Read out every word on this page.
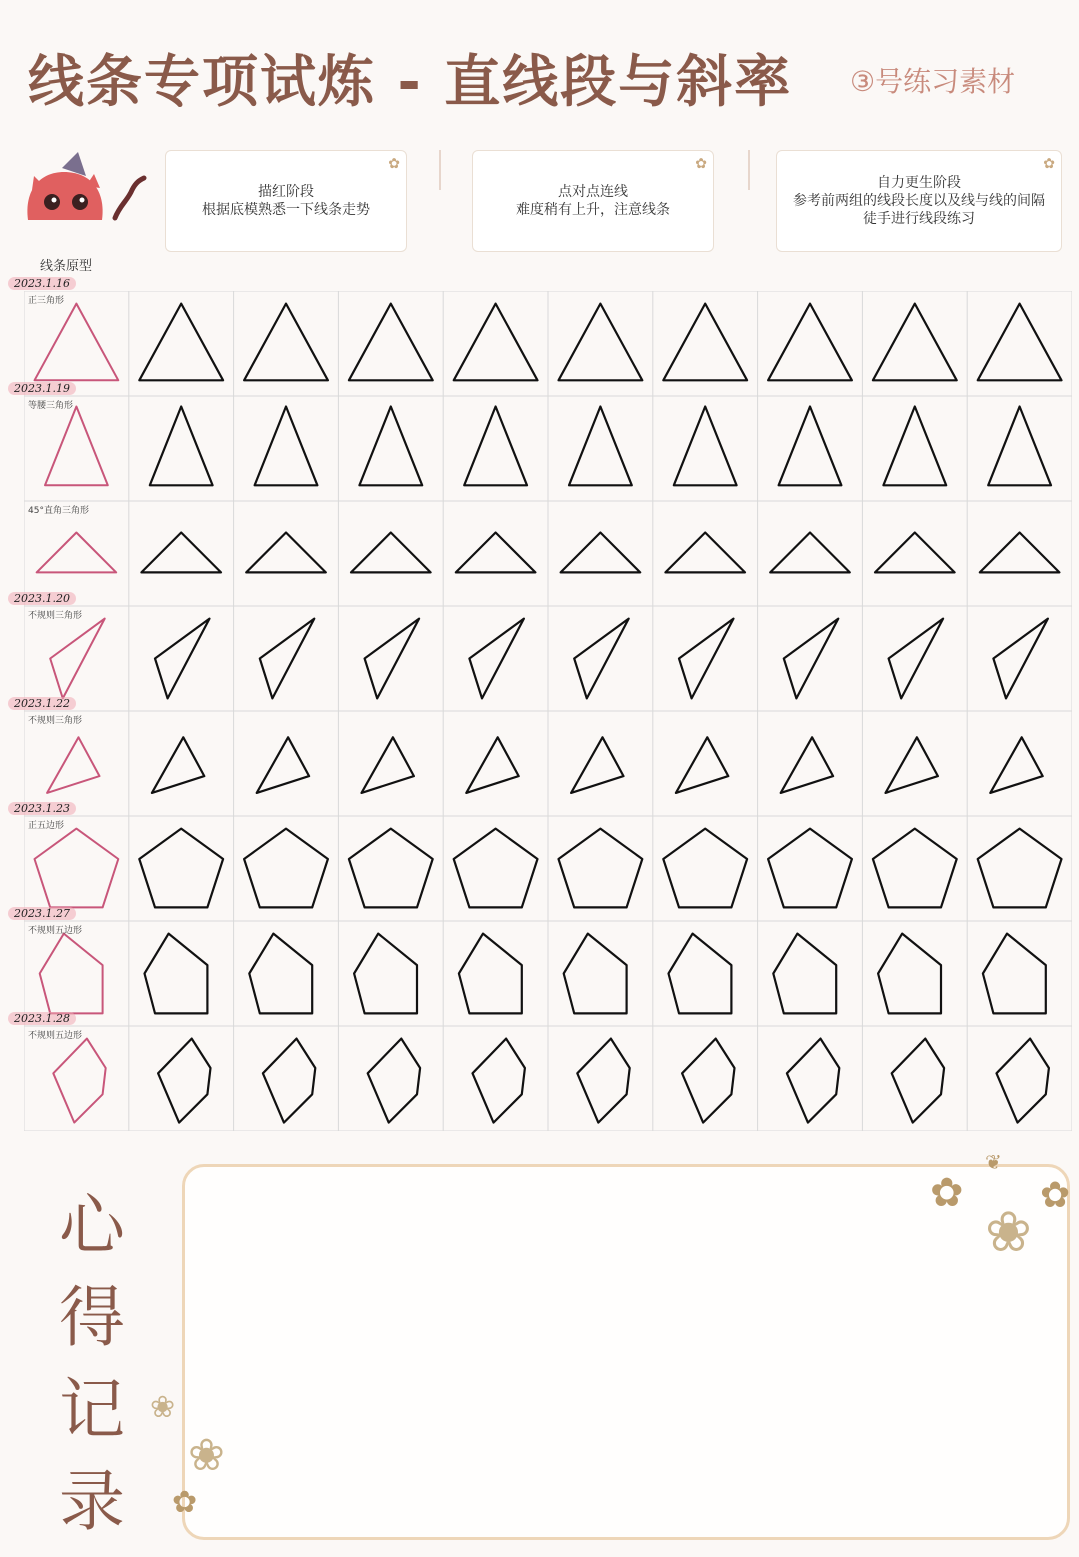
线条专项试炼 - 直线段与斜率 ③号练习素材
✿
描红阶段
根据底模熟悉一下线条走势
✿
点对点连线
难度稍有上升，注意线条
✿
自力更生阶段
参考前两组的线段长度以及线与线的间隔
徒手进行线段练习
线条原型
正三角形
2023.1.16
等腰三角形
2023.1.19
45°直角三角形
不规则三角形
2023.1.20
不规则三角形
2023.1.22
正五边形
2023.1.23
不规则五边形
2023.1.27
不规则五边形
2023.1.28
心
得
记
录
✿
❀
✿
❦
❀
❀
✿
